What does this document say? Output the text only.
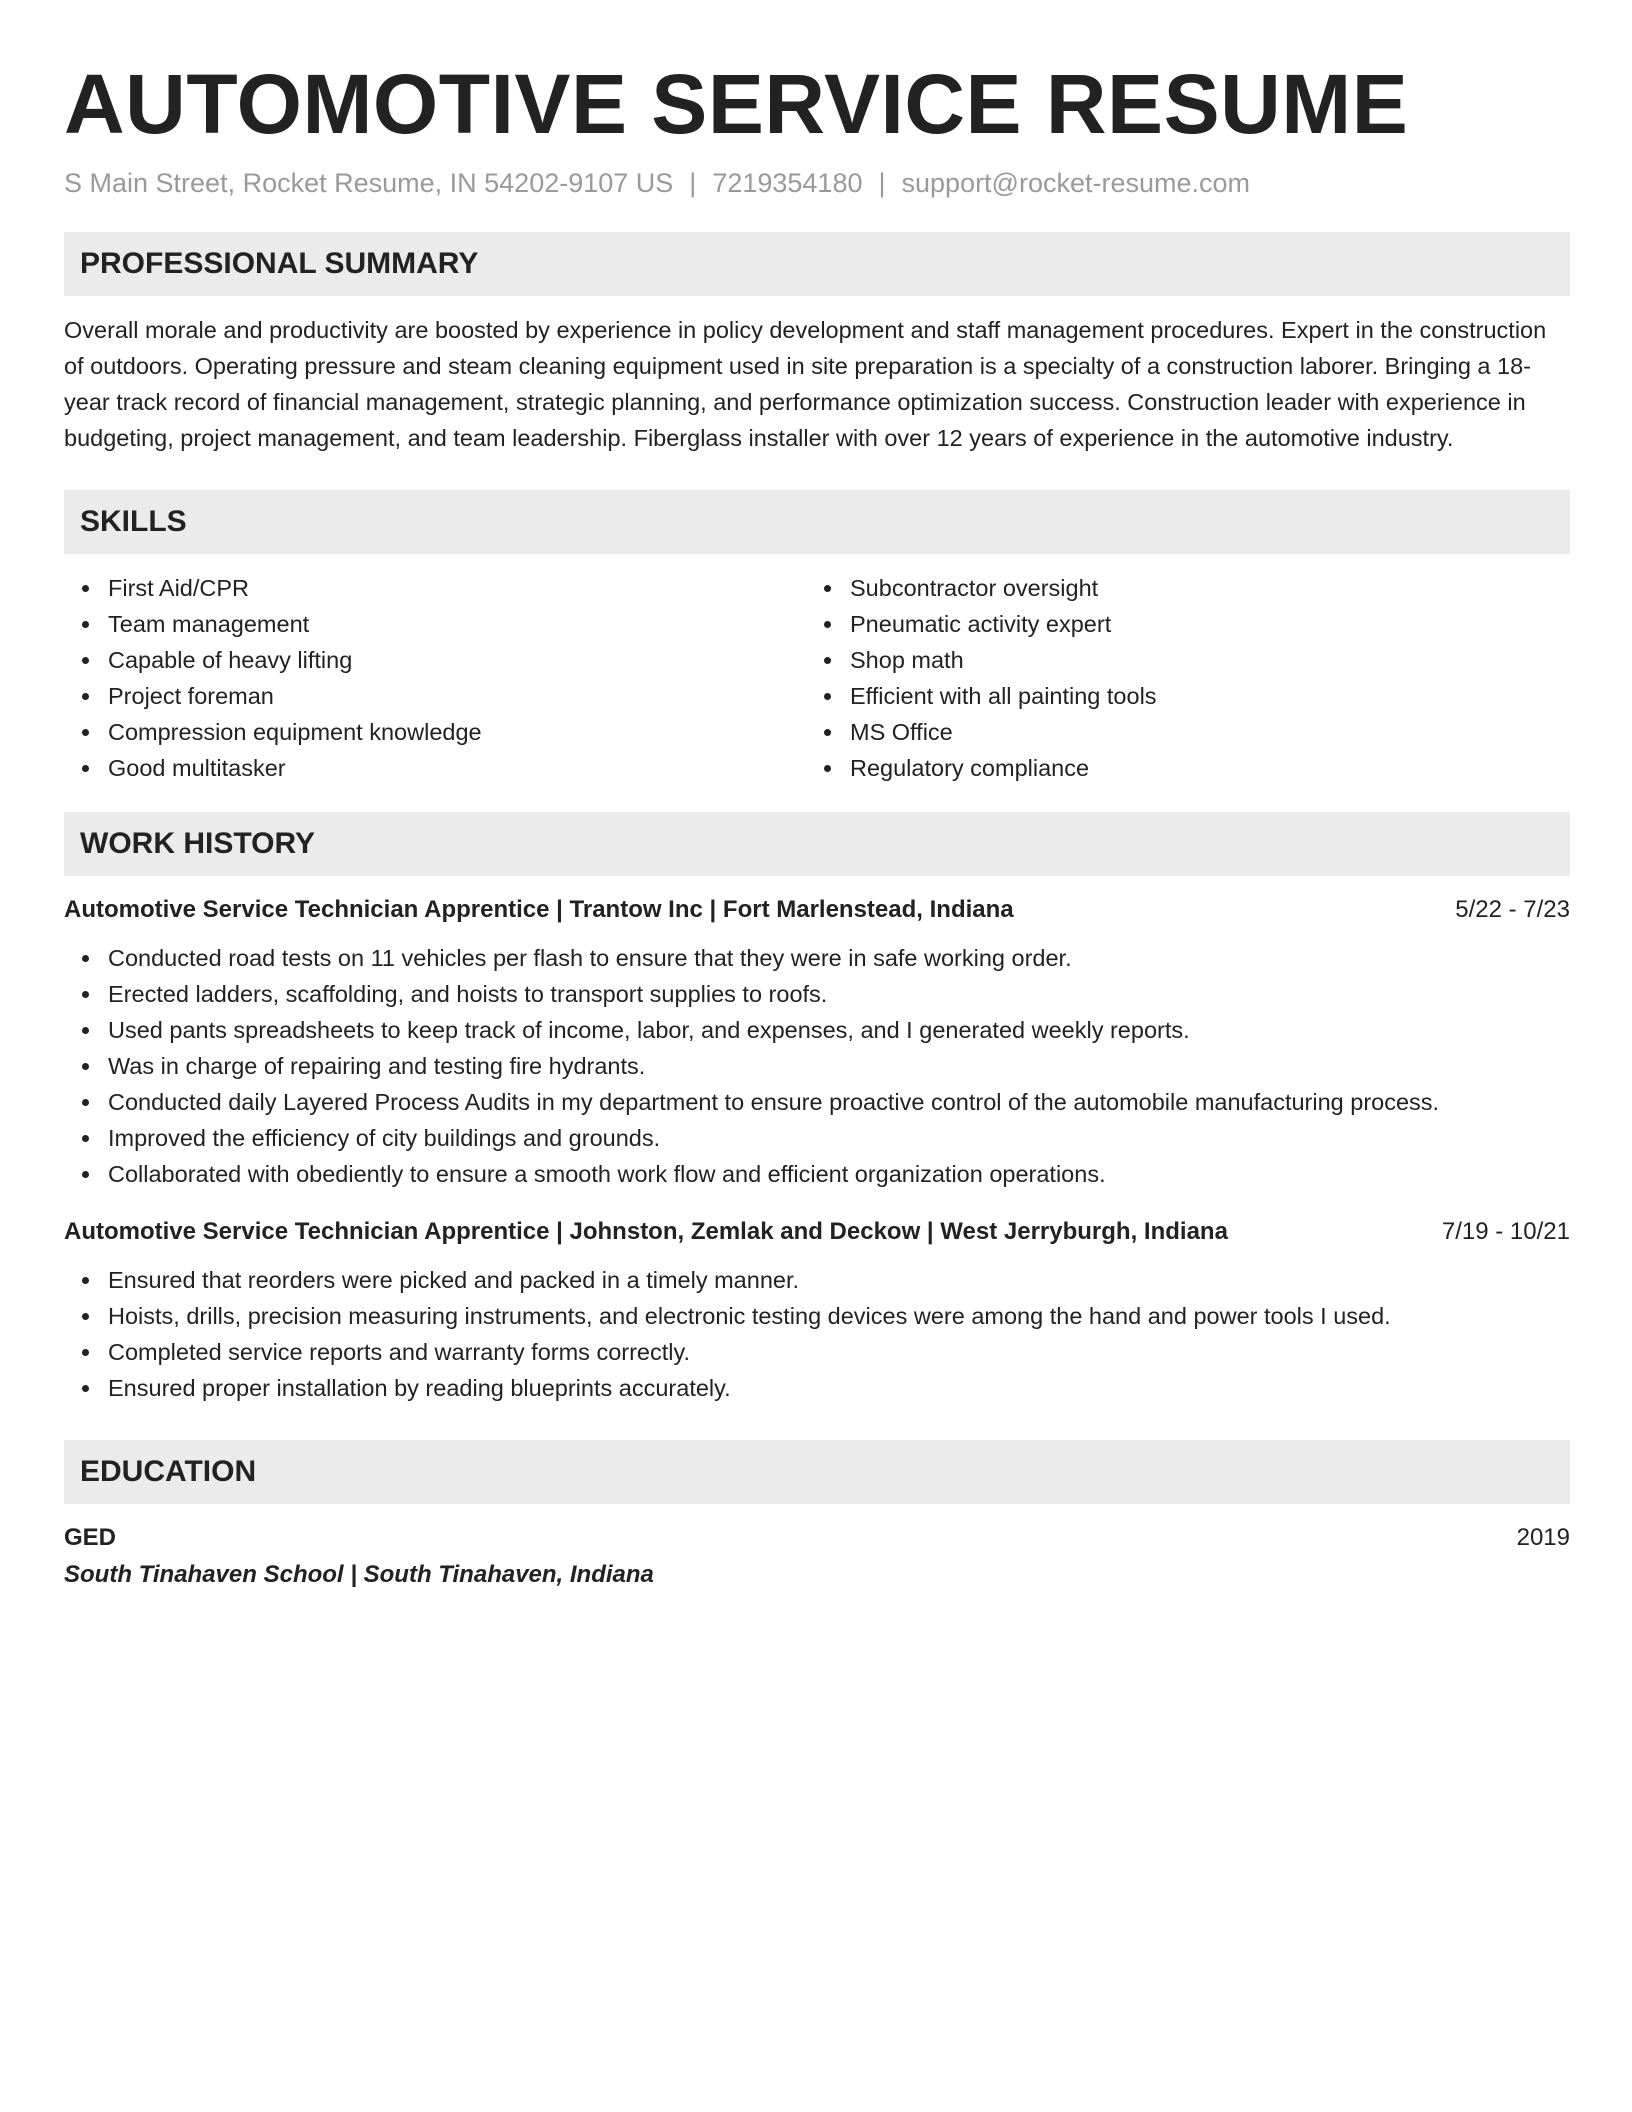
AUTOMOTIVE SERVICE RESUME
S Main Street, Rocket Resume, IN 54202-9107 US | 7219354180 | support@rocket-resume.com
PROFESSIONAL SUMMARY
Overall morale and productivity are boosted by experience in policy development and staff management procedures. Expert in the construction of outdoors. Operating pressure and steam cleaning equipment used in site preparation is a specialty of a construction laborer. Bringing a 18-year track record of financial management, strategic planning, and performance optimization success. Construction leader with experience in budgeting, project management, and team leadership. Fiberglass installer with over 12 years of experience in the automotive industry.
SKILLS
First Aid/CPR
Team management
Capable of heavy lifting
Project foreman
Compression equipment knowledge
Good multitasker
Subcontractor oversight
Pneumatic activity expert
Shop math
Efficient with all painting tools
MS Office
Regulatory compliance
WORK HISTORY
Automotive Service Technician Apprentice | Trantow Inc | Fort Marlenstead, Indiana	5/22 - 7/23
Conducted road tests on 11 vehicles per flash to ensure that they were in safe working order.
Erected ladders, scaffolding, and hoists to transport supplies to roofs.
Used pants spreadsheets to keep track of income, labor, and expenses, and I generated weekly reports.
Was in charge of repairing and testing fire hydrants.
Conducted daily Layered Process Audits in my department to ensure proactive control of the automobile manufacturing process.
Improved the efficiency of city buildings and grounds.
Collaborated with obediently to ensure a smooth work flow and efficient organization operations.
Automotive Service Technician Apprentice | Johnston, Zemlak and Deckow | West Jerryburgh, Indiana	7/19 - 10/21
Ensured that reorders were picked and packed in a timely manner.
Hoists, drills, precision measuring instruments, and electronic testing devices were among the hand and power tools I used.
Completed service reports and warranty forms correctly.
Ensured proper installation by reading blueprints accurately.
EDUCATION
GED	2019
South Tinahaven School | South Tinahaven, Indiana
